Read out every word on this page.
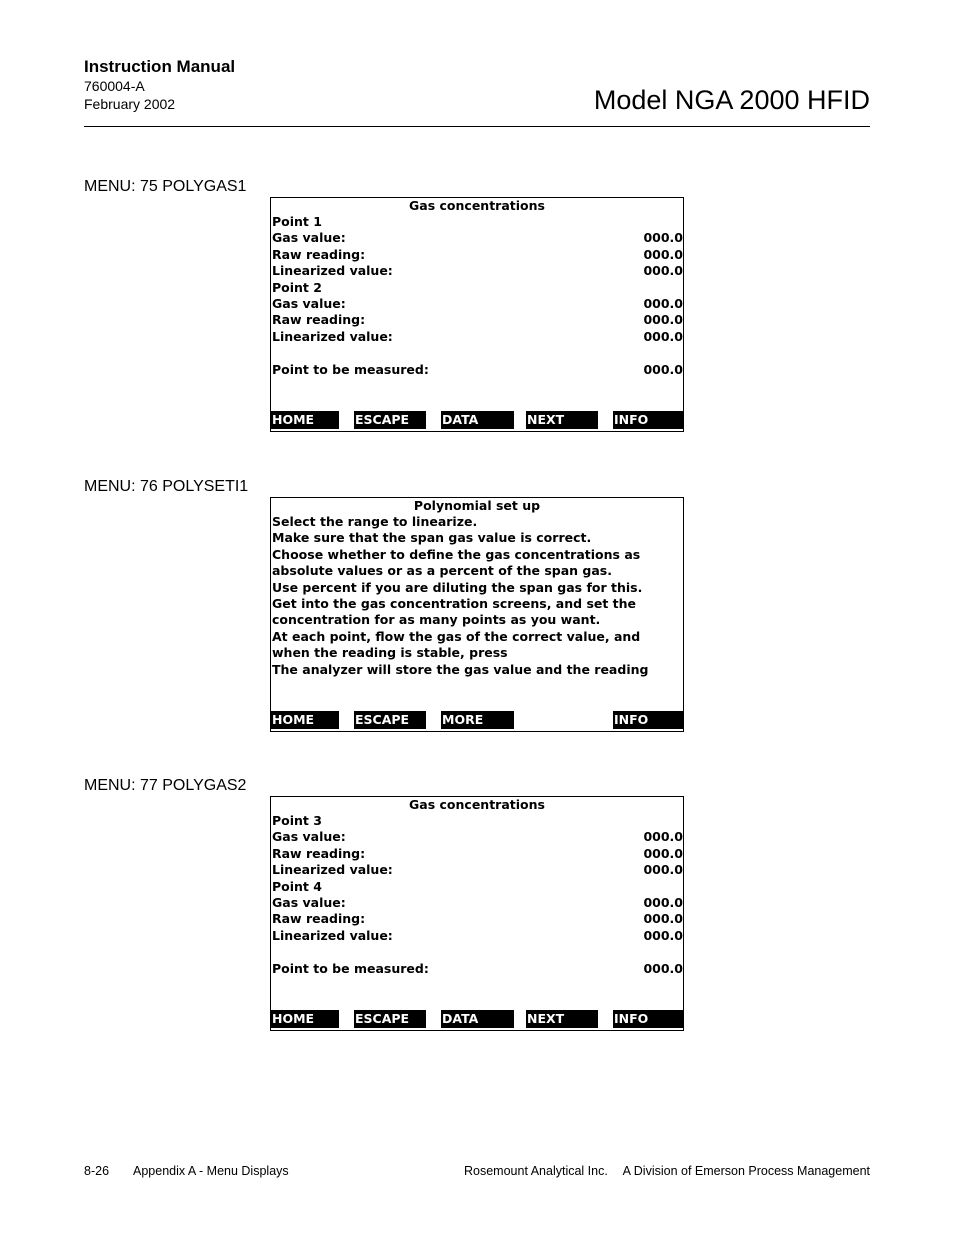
Instruction Manual
760004-A
February 2002	Model NGA 2000 HFID
MENU: 75 POLYGAS1
Gas concentrations
Point 1
Gas value:	000.0
Raw reading:	000.0
Linearized value:	000.0
Point 2
Gas value:	000.0
Raw reading:	000.0
Linearized value:	000.0
Point to be measured:	000.0
HOME	ESCAPE	DATA	NEXT	INFO
MENU: 76 POLYSETI1
Polynomial set up
Select the range to linearize.
Make sure that the span gas value is correct.
Choose whether to define the gas concentrations as
absolute values or as a percent of the span gas.
Use percent if you are diluting the span gas for this.
Get into the gas concentration screens, and set the
concentration for as many points as you want.
At each point, flow the gas of the correct value, and
when the reading is stable, press
The analyzer will store the gas value and the reading
HOME	ESCAPE	MORE	INFO
MENU: 77 POLYGAS2
Gas concentrations
Point 3
Gas value:	000.0
Raw reading:	000.0
Linearized value:	000.0
Point 4
Gas value:	000.0
Raw reading:	000.0
Linearized value:	000.0
Point to be measured:	000.0
HOME	ESCAPE	DATA	NEXT	INFO
8-26 Appendix A - Menu Displays	Rosemount Analytical Inc. A Division of Emerson Process Management
